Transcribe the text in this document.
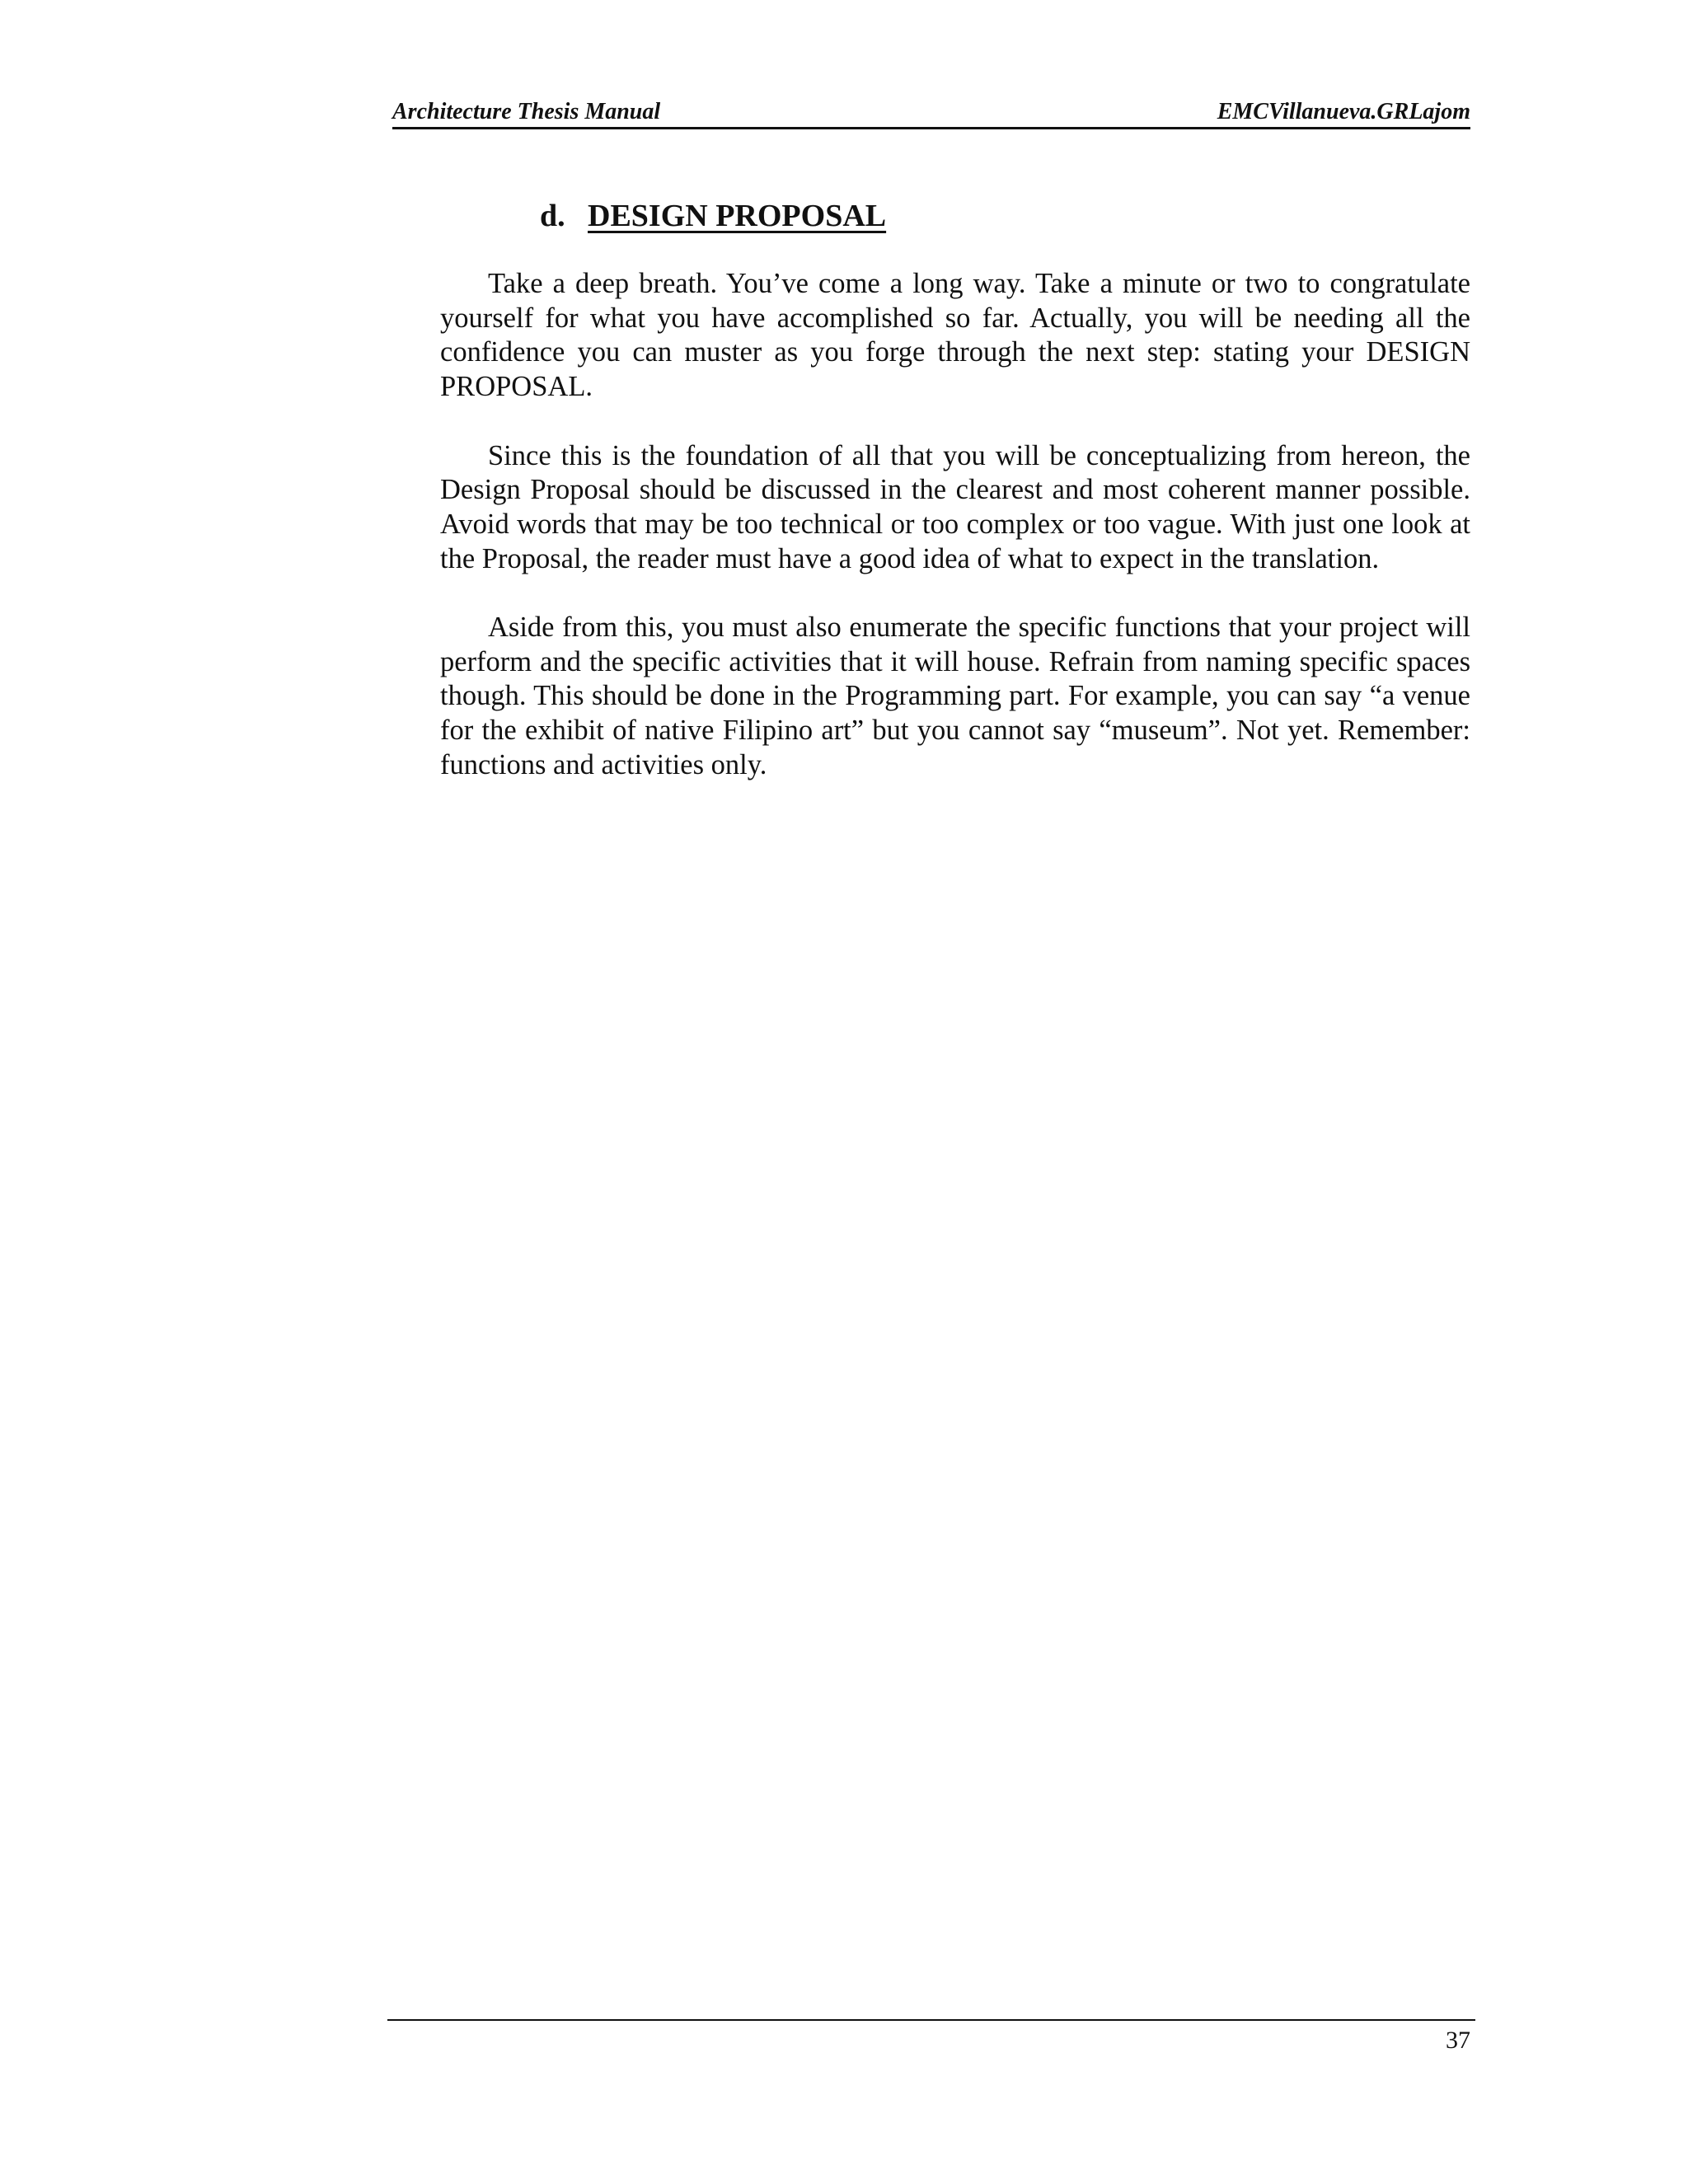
Architecture Thesis Manual	EMCVillanueva.GRLajom
d. DESIGN PROPOSAL

Take a deep breath. You’ve come a long way. Take a minute or two to congratulate yourself for what you have accomplished so far. Actually, you will be needing all the confidence you can muster as you forge through the next step: stating your DESIGN PROPOSAL.

Since this is the foundation of all that you will be conceptualizing from hereon, the Design Proposal should be discussed in the clearest and most coherent manner possible. Avoid words that may be too technical or too complex or too vague. With just one look at the Proposal, the reader must have a good idea of what to expect in the translation.

Aside from this, you must also enumerate the specific functions that your project will perform and the specific activities that it will house. Refrain from naming specific spaces though. This should be done in the Programming part. For example, you can say “a venue for the exhibit of native Filipino art” but you cannot say “museum”. Not yet. Remember: functions and activities only.

37
